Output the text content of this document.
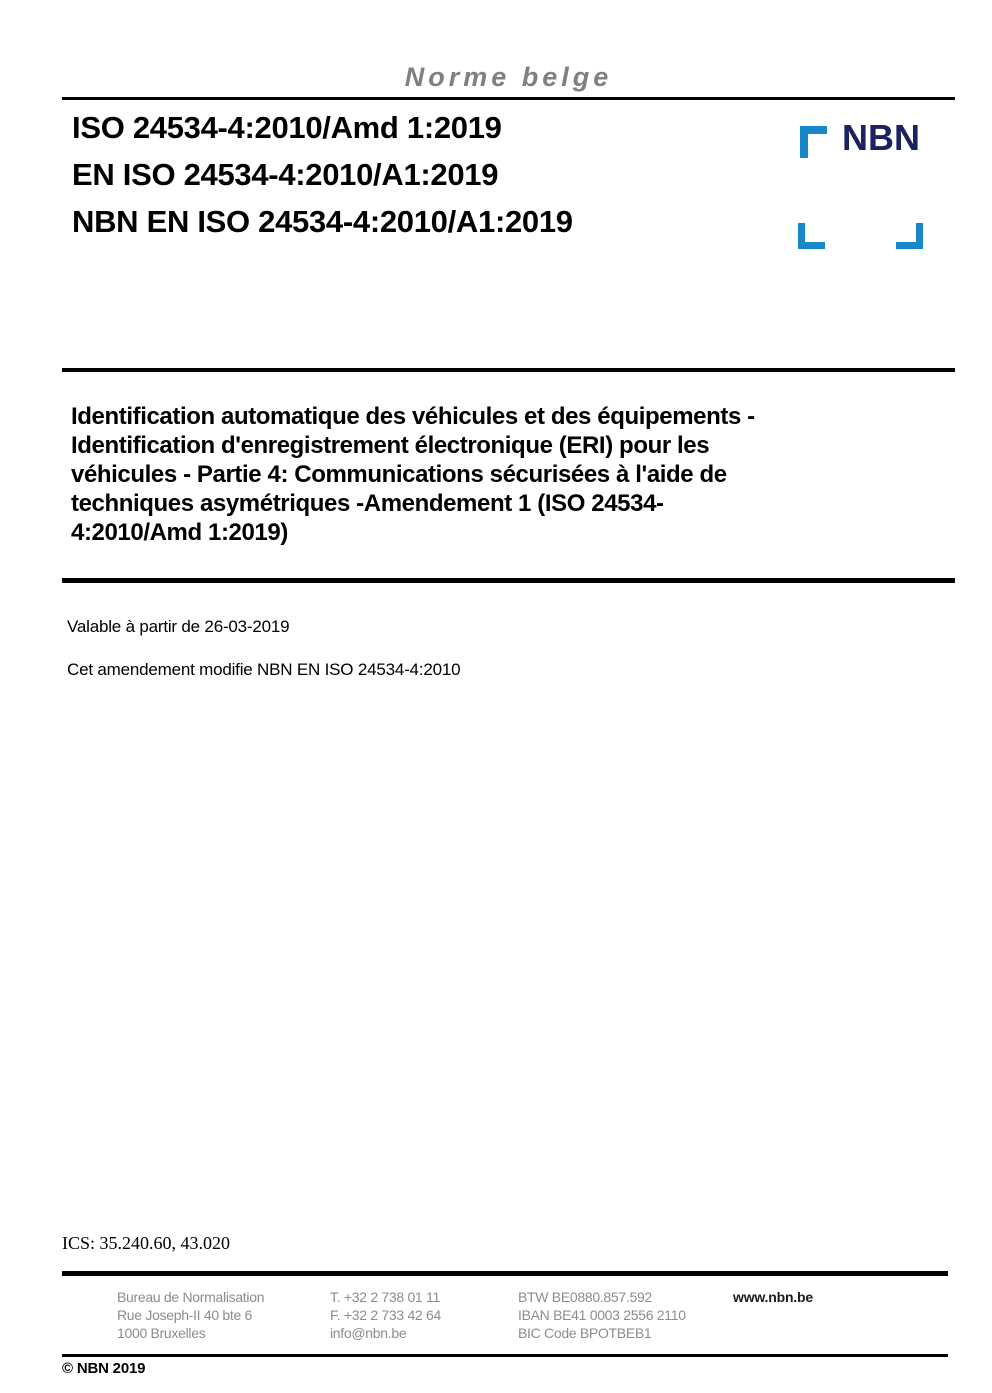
Norme belge
ISO 24534-4:2010/Amd 1:2019
EN ISO 24534-4:2010/A1:2019
NBN EN ISO 24534-4:2010/A1:2019
NBN
Identification automatique des véhicules et des équipements -
Identification d'enregistrement électronique (ERI) pour les
véhicules - Partie 4: Communications sécurisées à l'aide de
techniques asymétriques -Amendement 1 (ISO 24534-
4:2010/Amd 1:2019)
Valable à partir de 26-03-2019
Cet amendement modifie NBN EN ISO 24534-4:2010
ICS: 35.240.60, 43.020
Bureau de Normalisation
Rue Joseph-II 40 bte 6
1000 Bruxelles
T. +32 2 738 01 11
F. +32 2 733 42 64
info@nbn.be
BTW BE0880.857.592
IBAN BE41 0003 2556 2110
BIC Code BPOTBEB1
www.nbn.be
© NBN 2019
